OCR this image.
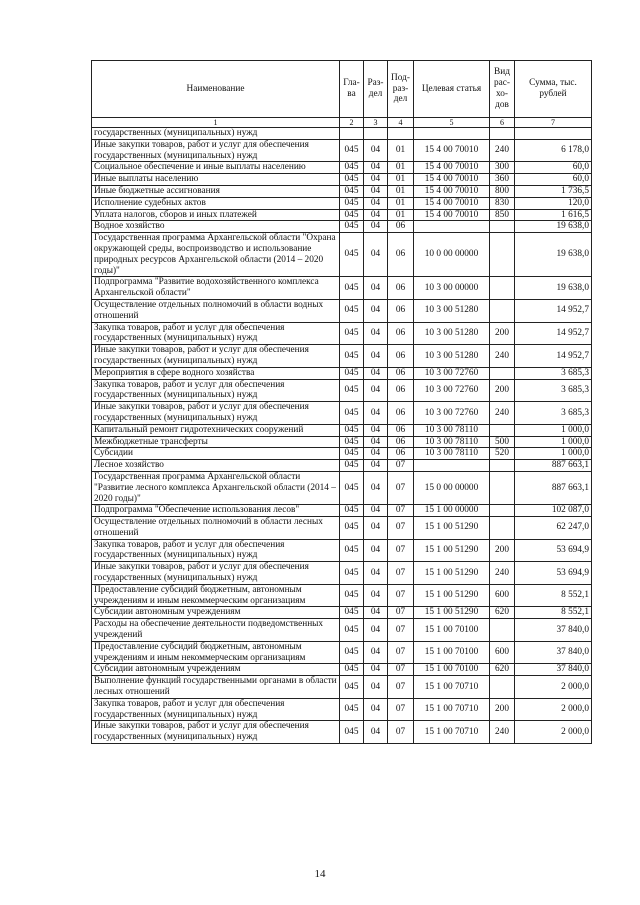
Наименование	Гла-ва	Раз-дел	Под-раз-дел	Целевая статья	Вид рас-хо-дов	Сумма, тыс. рублей
1	2	3	4	5	6	7
государственных (муниципальных) нужд						
Иные закупки товаров, работ и услуг для обеспечения государственных (муниципальных) нужд	045	04	01	15 4 00 70010	240	6 178,0
Социальное обеспечение и иные выплаты населению	045	04	01	15 4 00 70010	300	60,0
Иные выплаты населению	045	04	01	15 4 00 70010	360	60,0
Иные бюджетные ассигнования	045	04	01	15 4 00 70010	800	1 736,5
Исполнение судебных актов	045	04	01	15 4 00 70010	830	120,0
Уплата налогов, сборов и иных платежей	045	04	01	15 4 00 70010	850	1 616,5
Водное хозяйство	045	04	06			19 638,0
Государственная программа Архангельской области "Охрана окружающей среды, воспроизводство и использование природных ресурсов Архангельской области (2014 – 2020 годы)"	045	04	06	10 0 00 00000		19 638,0
Подпрограмма "Развитие водохозяйственного комплекса Архангельской области"	045	04	06	10 3 00 00000		19 638,0
Осуществление отдельных полномочий в области водных отношений	045	04	06	10 3 00 51280		14 952,7
Закупка товаров, работ и услуг для обеспечения государственных (муниципальных) нужд	045	04	06	10 3 00 51280	200	14 952,7
Иные закупки товаров, работ и услуг для обеспечения государственных (муниципальных) нужд	045	04	06	10 3 00 51280	240	14 952,7
Мероприятия в сфере водного хозяйства	045	04	06	10 3 00 72760		3 685,3
Закупка товаров, работ и услуг для обеспечения государственных (муниципальных) нужд	045	04	06	10 3 00 72760	200	3 685,3
Иные закупки товаров, работ и услуг для обеспечения государственных (муниципальных) нужд	045	04	06	10 3 00 72760	240	3 685,3
Капитальный ремонт гидротехнических сооружений	045	04	06	10 3 00 78110		1 000,0
Межбюджетные трансферты	045	04	06	10 3 00 78110	500	1 000,0
Субсидии	045	04	06	10 3 00 78110	520	1 000,0
Лесное хозяйство	045	04	07			887 663,1
Государственная программа Архангельской области "Развитие лесного комплекса Архангельской области (2014 – 2020 годы)"	045	04	07	15 0 00 00000		887 663,1
Подпрограмма "Обеспечение использования лесов"	045	04	07	15 1 00 00000		102 087,0
Осуществление отдельных полномочий в области лесных отношений	045	04	07	15 1 00 51290		62 247,0
Закупка товаров, работ и услуг для обеспечения государственных (муниципальных) нужд	045	04	07	15 1 00 51290	200	53 694,9
Иные закупки товаров, работ и услуг для обеспечения государственных (муниципальных) нужд	045	04	07	15 1 00 51290	240	53 694,9
Предоставление субсидий бюджетным, автономным учреждениям и иным некоммерческим организациям	045	04	07	15 1 00 51290	600	8 552,1
Субсидии автономным учреждениям	045	04	07	15 1 00 51290	620	8 552,1
Расходы на обеспечение деятельности подведомственных учреждений	045	04	07	15 1 00 70100		37 840,0
Предоставление субсидий бюджетным, автономным учреждениям и иным некоммерческим организациям	045	04	07	15 1 00 70100	600	37 840,0
Субсидии автономным учреждениям	045	04	07	15 1 00 70100	620	37 840,0
Выполнение функций государственными органами в области лесных отношений	045	04	07	15 1 00 70710		2 000,0
Закупка товаров, работ и услуг для обеспечения государственных (муниципальных) нужд	045	04	07	15 1 00 70710	200	2 000,0
Иные закупки товаров, работ и услуг для обеспечения государственных (муниципальных) нужд	045	04	07	15 1 00 70710	240	2 000,0
14
